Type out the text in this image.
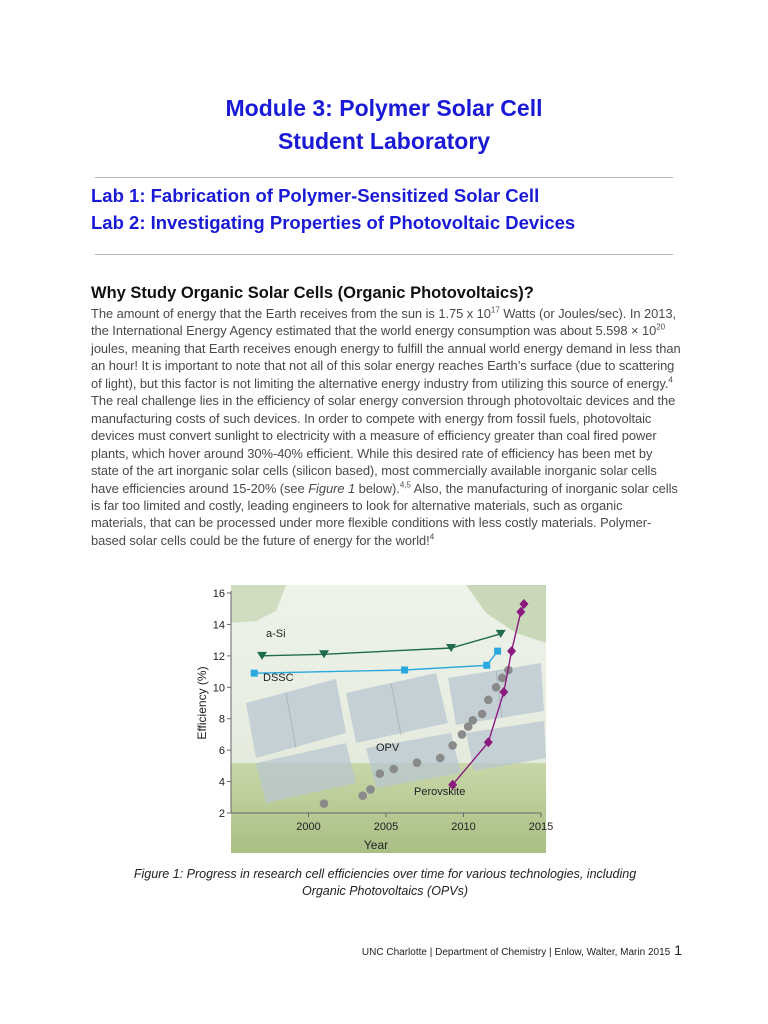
Module 3: Polymer Solar Cell
Student Laboratory
Lab 1: Fabrication of Polymer-Sensitized Solar Cell
Lab 2: Investigating Properties of Photovoltaic Devices
Why Study Organic Solar Cells (Organic Photovoltaics)?

The amount of energy that the Earth receives from the sun is 1.75 x $10^{17}$ Watts (or Joules/sec). In 2013, the International Energy Agency estimated that the world energy consumption was about $5.598 \times 10^{20}$ joules, meaning that Earth receives enough energy to fulfill the annual world energy demand in less than an hour! It is important to note that not all of this solar energy reaches Earth’s surface (due to scattering of light), but this factor is not limiting the alternative energy industry from utilizing this source of energy.$^4$ The real challenge lies in the efficiency of solar energy conversion through photovoltaic devices and the manufacturing costs of such devices. In order to compete with energy from fossil fuels, photovoltaic devices must convert sunlight to electricity with a measure of efficiency greater than coal fired power plants, which hover around 30%-40% efficient. While this desired rate of efficiency has been met by state of the art inorganic solar cells (silicon based), most commercially available inorganic solar cells have efficiencies around 15-20% (see Figure 1 below).$^{4,5}$ Also, the manufacturing of inorganic solar cells is far too limited and costly, leading engineers to look for alternative materials, such as organic materials, that can be processed under more flexible conditions with less costly materials. Polymer-based solar cells could be the future of energy for the world!$^4$

2
4
6
8
10
12
14
16
2000	2005	2010	2015
Efficiency (%)
Year
a-Si
DSSC
OPV
Perovskite

Figure 1: Progress in research cell efficiencies over time for various technologies, including
Organic Photovoltaics (OPVs)

UNC Charlotte | Department of Chemistry | Enlow, Walter, Marin 2015 1
